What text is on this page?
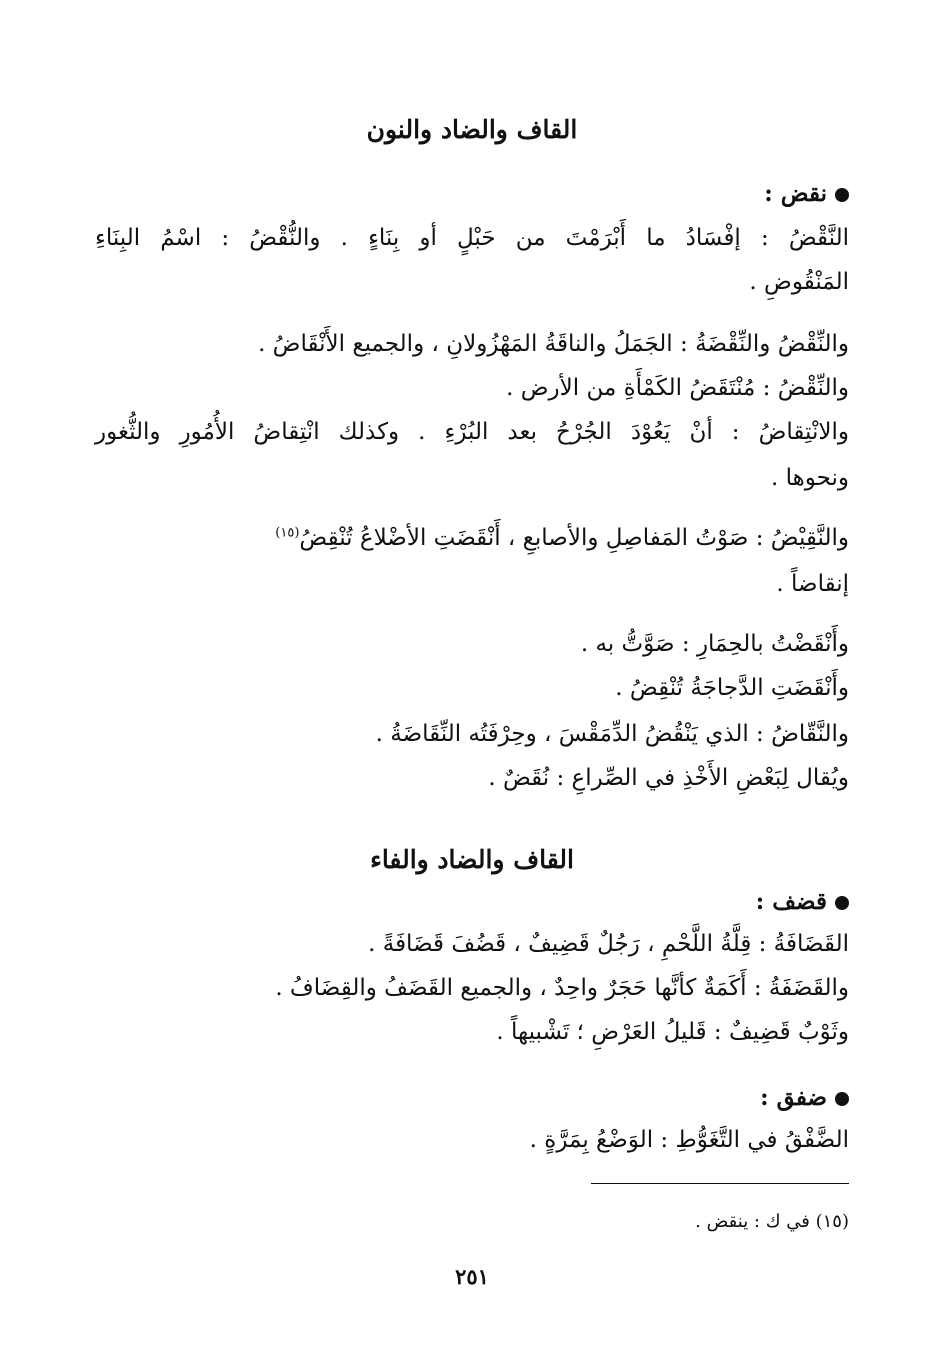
القاف والضاد والنون
نقض :

النَّقْضُ : إفْسَادُ ما أَبْرَمْتَ من حَبْلٍ أو بِنَاءٍ . والنُّقْضُ : اسْمُ البِنَاءِ

المَنْقُوضِ .

والنِّقْضُ والنِّقْضَةُ : الجَمَلُ والناقَةُ المَهْزُولانِ ، والجميع الأَنْقَاضُ .

والنِّقْضُ : مُنْتَقَضُ الكَمْأَةِ من الأرض .

والانْتِقاضُ : أنْ يَعُوْدَ الجُرْحُ بعد البُرْءِ . وكذلك انْتِقاضُ الأُمُورِ والثُّغور

ونحوها .

والنَّقِيْضُ : صَوْتُ المَفاصِلِ والأصابعِ ، أَنْقَضَتِ الأضْلاعُ تُنْقِضُ$^{(١٥)}$

إنقاضاً .

وأَنْقَضْتُ بالحِمَارِ : صَوَّتُّ به .

وأَنْقَضَتِ الدَّجاجَةُ تُنْقِضُ .

والنَّقّاضُ : الذي يَنْقُضُ الدِّمَقْسَ ، وحِرْفَتُه النِّقَاضَةُ .

ويُقال لِبَعْضِ الأَخْذِ في الصِّراعِ : نُقَضٌ .

القاف والضاد والفاء
قضف :

القَضَافَةُ : قِلَّةُ اللَّحْمِ ، رَجُلٌ قَضِيفٌ ، قَضُفَ قَضَافَةً .

والقَضَفَةُ : أَكَمَةٌ كأنَّها حَجَرٌ واحِدٌ ، والجميع القَضَفُ والقِضَافُ .

وثَوْبٌ قَضِيفٌ : قَليلُ العَرْضِ ؛ تَشْبيهاً .

ضفق :

الضَّفْقُ في التَّغَوُّطِ : الوَضْعُ بِمَرَّةٍ .

(١٥) في ك : ينقض .
٢٥١
